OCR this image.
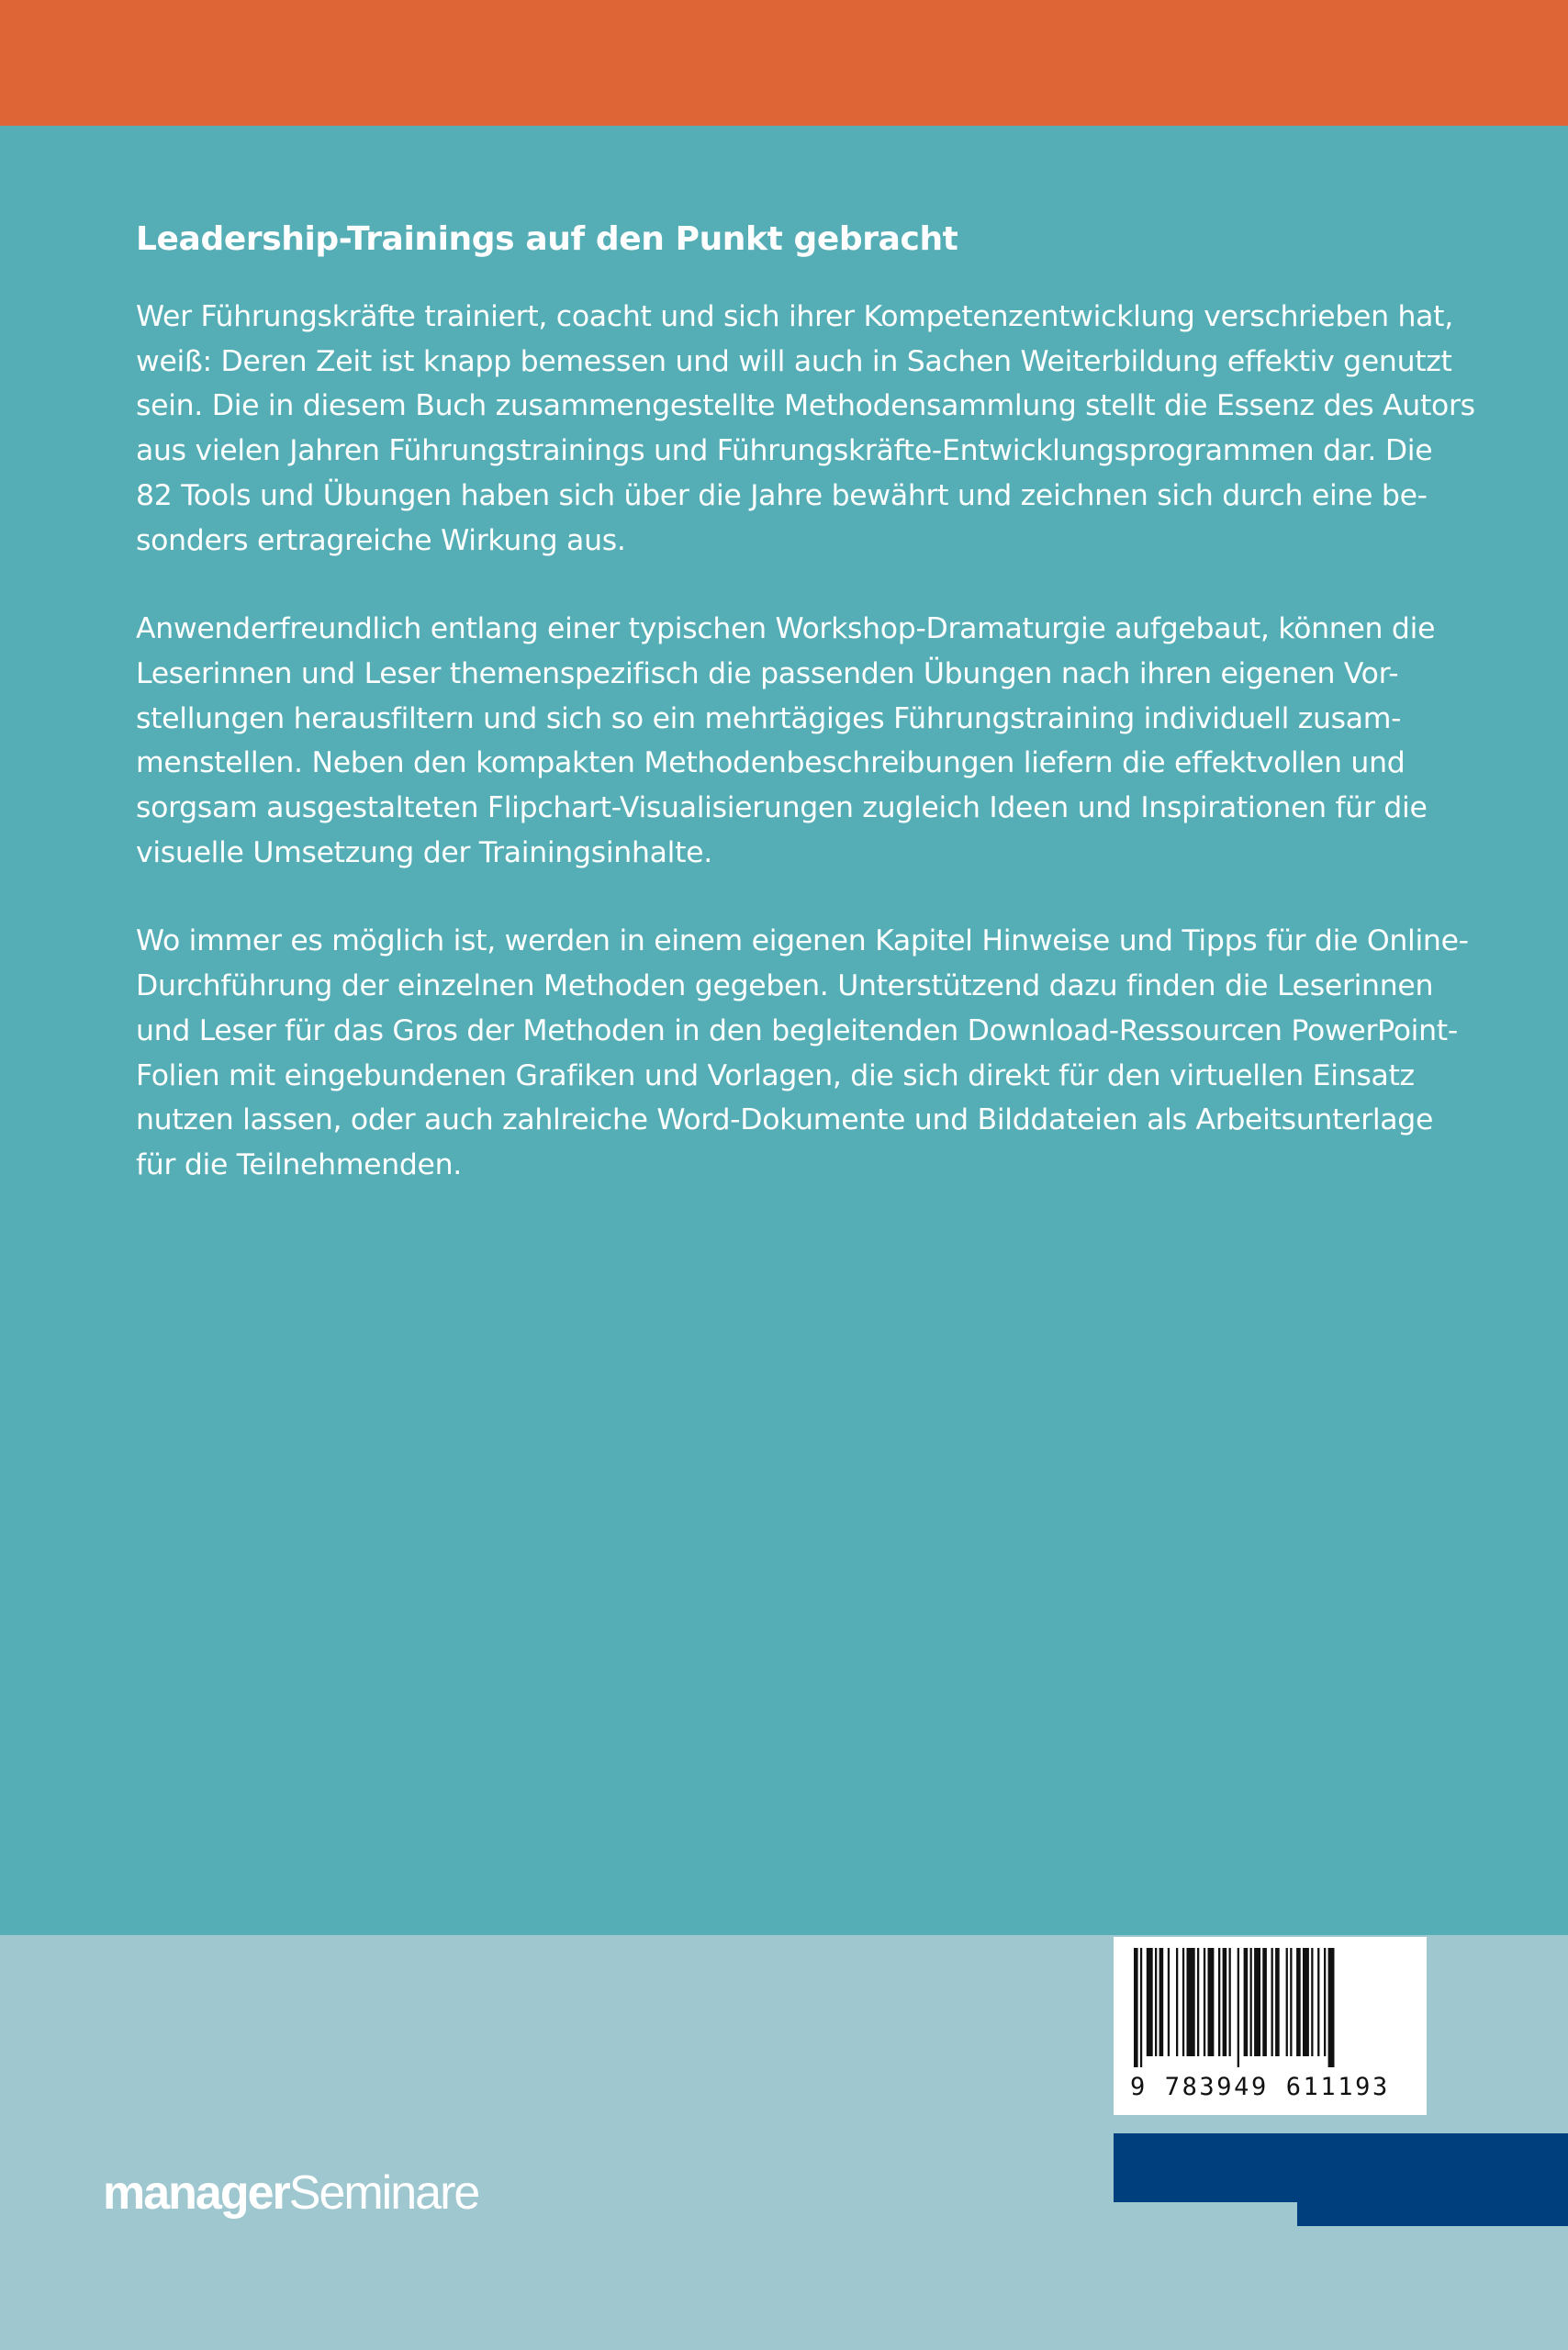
Leadership-Trainings auf den Punkt gebracht

Wer Führungskräfte trainiert, coacht und sich ihrer Kompetenzentwicklung verschrieben hat,
weiß: Deren Zeit ist knapp bemessen und will auch in Sachen Weiterbildung effektiv genutzt
sein. Die in diesem Buch zusammengestellte Methodensammlung stellt die Essenz des Autors
aus vielen Jahren Führungstrainings und Führungskräfte-Entwicklungsprogrammen dar. Die
82 Tools und Übungen haben sich über die Jahre bewährt und zeichnen sich durch eine be-
sonders ertragreiche Wirkung aus.

Anwenderfreundlich entlang einer typischen Workshop-Dramaturgie aufgebaut, können die
Leserinnen und Leser themenspezifisch die passenden Übungen nach ihren eigenen Vor-
stellungen herausfiltern und sich so ein mehrtägiges Führungstraining individuell zusam-
menstellen. Neben den kompakten Methodenbeschreibungen liefern die effektvollen und
sorgsam ausgestalteten Flipchart-Visualisierungen zugleich Ideen und Inspirationen für die
visuelle Umsetzung der Trainingsinhalte.

Wo immer es möglich ist, werden in einem eigenen Kapitel Hinweise und Tipps für die Online-
Durchführung der einzelnen Methoden gegeben. Unterstützend dazu finden die Leserinnen
und Leser für das Gros der Methoden in den begleitenden Download-Ressourcen PowerPoint-
Folien mit eingebundenen Grafiken und Vorlagen, die sich direkt für den virtuellen Einsatz
nutzen lassen, oder auch zahlreiche Word-Dokumente und Bilddateien als Arbeitsunterlage
für die Teilnehmenden.

9 783949 611193
managerSeminare
